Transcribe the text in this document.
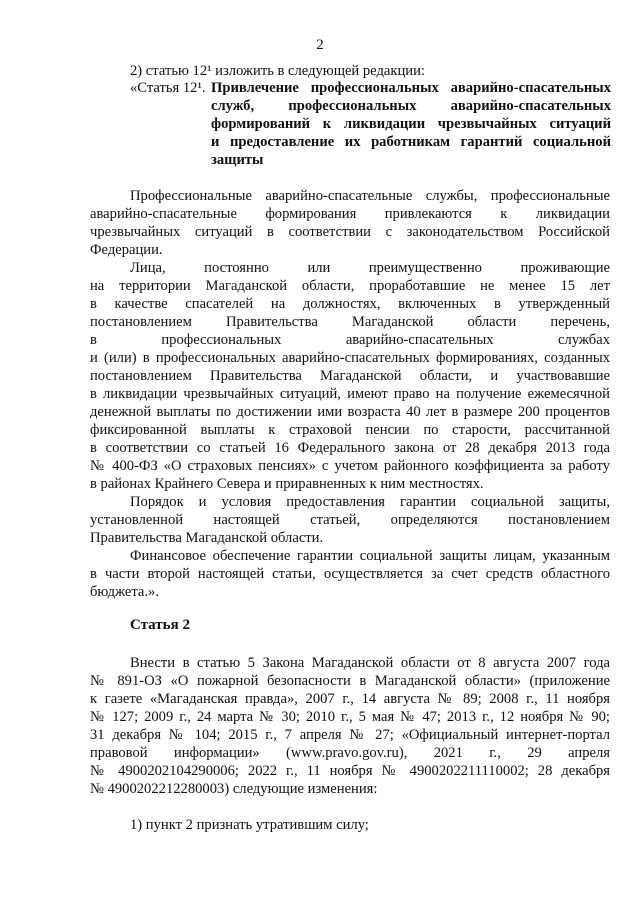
2
2) статью 12¹ изложить в следующей редакции:
«Статья 12¹. Привлечение профессиональных аварийно-спасательных
служб, профессиональных аварийно-спасательных
формирований к ликвидации чрезвычайных ситуаций
и предоставление их работникам гарантий социальной
защиты
Профессиональные аварийно-спасательные службы, профессиональные
аварийно-спасательные формирования привлекаются к ликвидации
чрезвычайных ситуаций в соответствии с законодательством Российской
Федерации.
Лица, постоянно или преимущественно проживающие
на территории Магаданской области, проработавшие не менее 15 лет
в качестве спасателей на должностях, включенных в утвержденный
постановлением Правительства Магаданской области перечень,
в профессиональных аварийно-спасательных службах
и (или) в профессиональных аварийно-спасательных формированиях, созданных
постановлением Правительства Магаданской области, и участвовавшие
в ликвидации чрезвычайных ситуаций, имеют право на получение ежемесячной
денежной выплаты по достижении ими возраста 40 лет в размере 200 процентов
фиксированной выплаты к страховой пенсии по старости, рассчитанной
в соответствии со статьей 16 Федерального закона от 28 декабря 2013 года
№ 400-ФЗ «О страховых пенсиях» с учетом районного коэффициента за работу
в районах Крайнего Севера и приравненных к ним местностях.
Порядок и условия предоставления гарантии социальной защиты,
установленной настоящей статьей, определяются постановлением
Правительства Магаданской области.
Финансовое обеспечение гарантии социальной защиты лицам, указанным
в части второй настоящей статьи, осуществляется за счет средств областного
бюджета.».
Статья 2
Внести в статью 5 Закона Магаданской области от 8 августа 2007 года
№ 891-ОЗ «О пожарной безопасности в Магаданской области» (приложение
к газете «Магаданская правда», 2007 г., 14 августа № 89; 2008 г., 11 ноября
№ 127; 2009 г., 24 марта № 30; 2010 г., 5 мая № 47; 2013 г., 12 ноября № 90;
31 декабря № 104; 2015 г., 7 апреля № 27; «Официальный интернет-портал
правовой информации» (www.pravo.gov.ru), 2021 г., 29 апреля
№ 4900202104290006; 2022 г., 11 ноября № 4900202211110002; 28 декабря
№ 4900202212280003) следующие изменения:
1) пункт 2 признать утратившим силу;
